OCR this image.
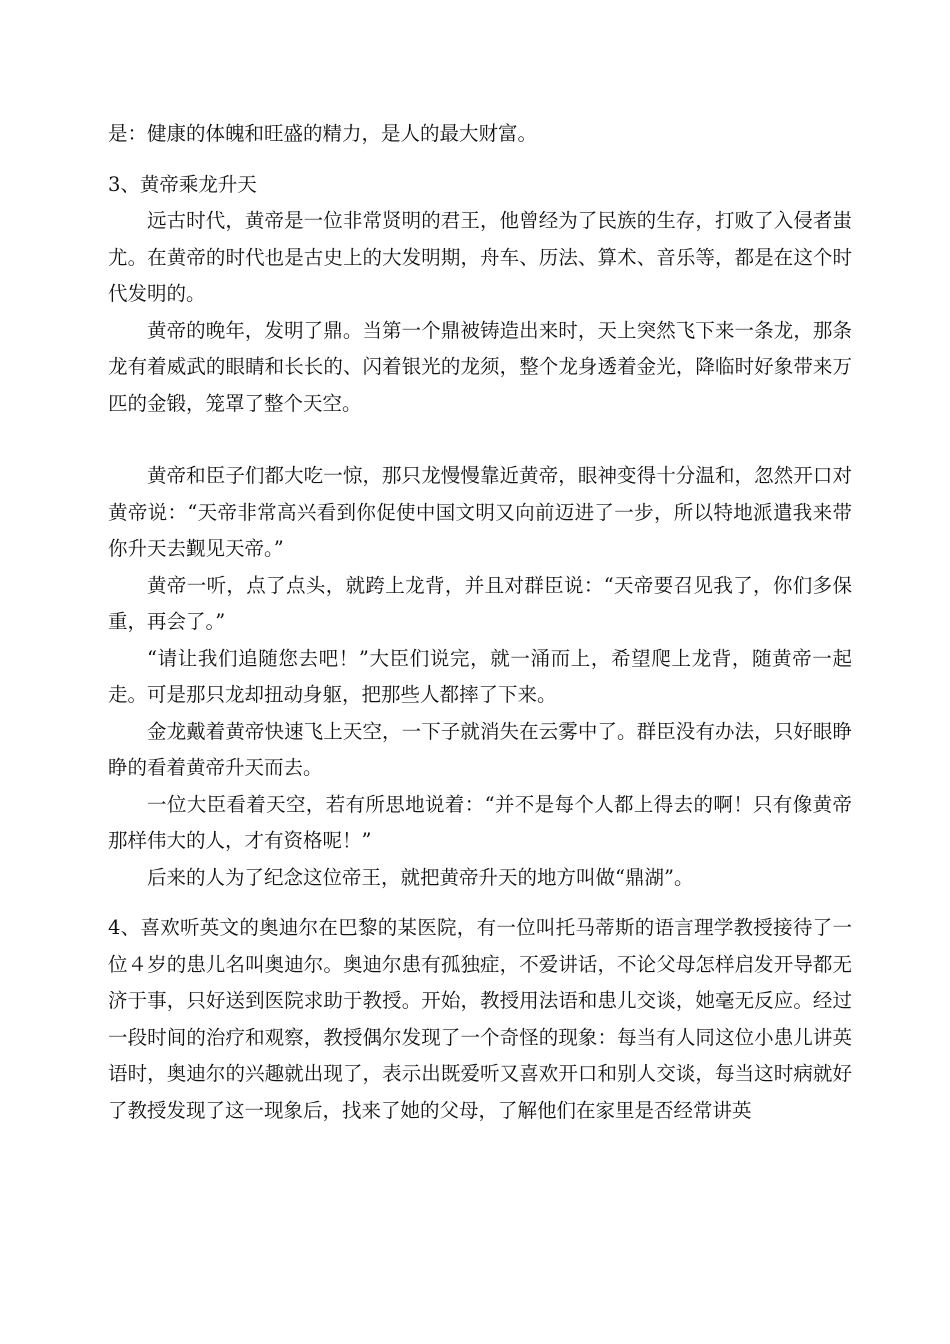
是：健康的体魄和旺盛的精力，是人的最大财富。

3、黄帝乘龙升天

远古时代，黄帝是一位非常贤明的君王，他曾经为了民族的生存，打败了入侵者蚩尤。在黄帝的时代也是古史上的大发明期，舟车、历法、算术、音乐等，都是在这个时代发明的。

黄帝的晚年，发明了鼎。当第一个鼎被铸造出来时，天上突然飞下来一条龙，那条龙有着威武的眼睛和长长的、闪着银光的龙须，整个龙身透着金光，降临时好象带来万匹的金锻，笼罩了整个天空。

黄帝和臣子们都大吃一惊，那只龙慢慢靠近黄帝，眼神变得十分温和，忽然开口对黄帝说：“天帝非常高兴看到你促使中国文明又向前迈进了一步，所以特地派遣我来带你升天去觐见天帝。”

黄帝一听，点了点头，就跨上龙背，并且对群臣说：“天帝要召见我了，你们多保重，再会了。”

“请让我们追随您去吧！”大臣们说完，就一涌而上，希望爬上龙背，随黄帝一起走。可是那只龙却扭动身躯，把那些人都摔了下来。

金龙戴着黄帝快速飞上天空，一下子就消失在云雾中了。群臣没有办法，只好眼睁睁的看着黄帝升天而去。

一位大臣看着天空，若有所思地说着：“并不是每个人都上得去的啊！只有像黄帝那样伟大的人，才有资格呢！”

后来的人为了纪念这位帝王，就把黄帝升天的地方叫做“鼎湖”。

4、喜欢听英文的奥迪尔在巴黎的某医院，有一位叫托马蒂斯的语言理学教授接待了一位４岁的患儿名叫奥迪尔。奥迪尔患有孤独症，不爱讲话，不论父母怎样启发开导都无济于事，只好送到医院求助于教授。开始，教授用法语和患儿交谈，她毫无反应。经过一段时间的治疗和观察，教授偶尔发现了一个奇怪的现象：每当有人同这位小患儿讲英语时，奥迪尔的兴趣就出现了，表示出既爱听又喜欢开口和别人交谈，每当这时病就好了教授发现了这一现象后，找来了她的父母，了解他们在家里是否经常讲英
